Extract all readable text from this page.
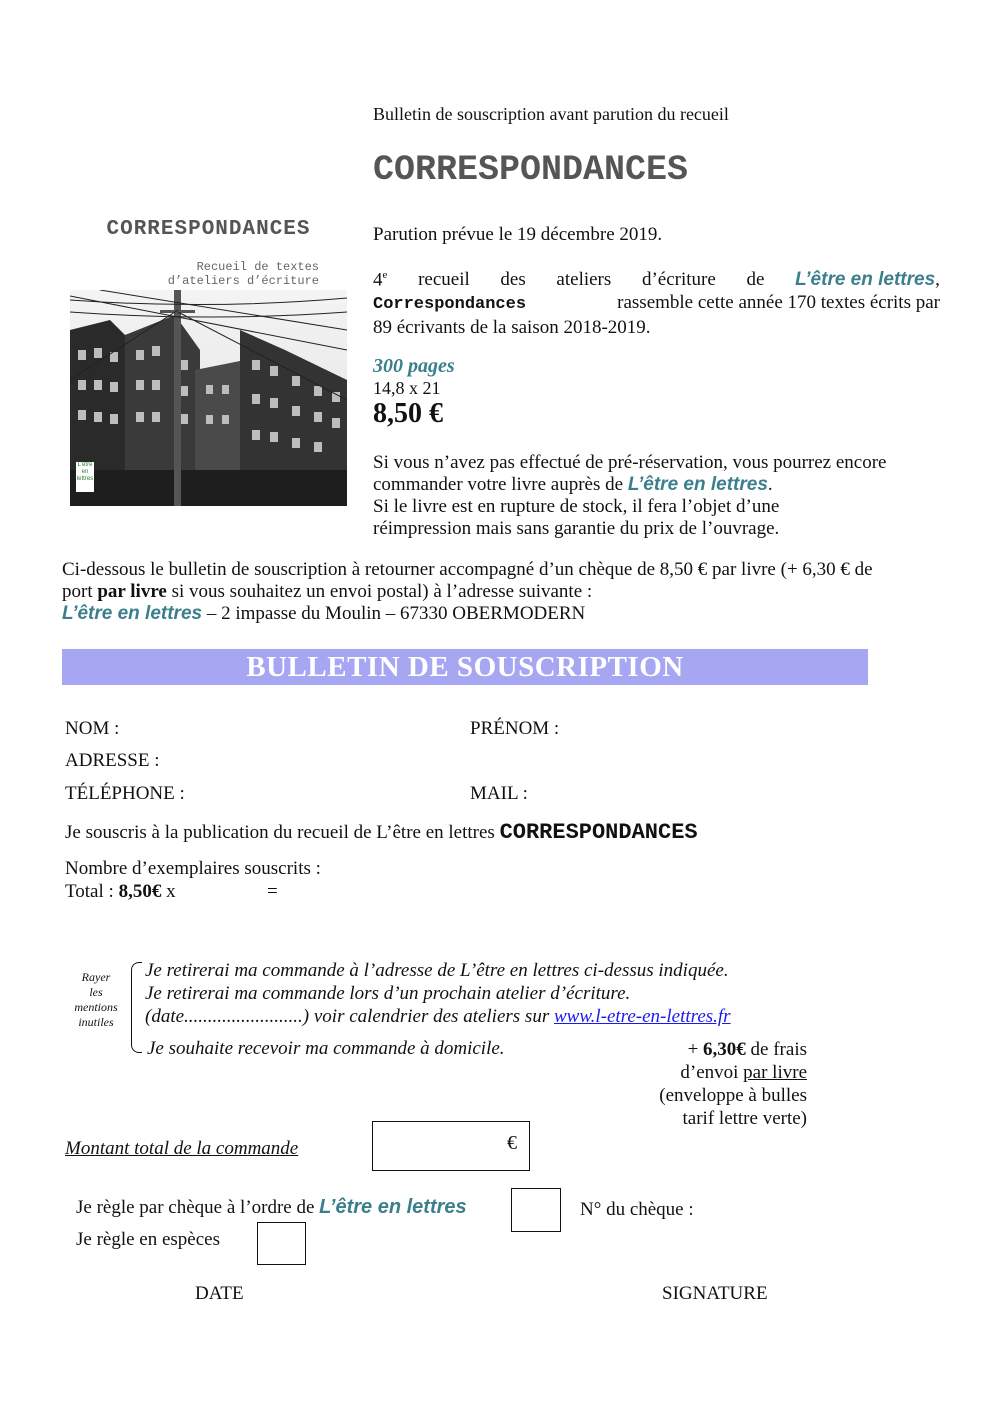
Bulletin de souscription avant parution du recueil
CORRESPONDANCES
CORRESPONDANCES
Recueil de textes
d’ateliers d’écriture
L'être en lettres
Parution prévue le 19 décembre 2019.
4e recueil des ateliers d’écriture de L’être en lettres,
Correspondances	rassemble cette année 170 textes écrits par
89 écrivants de la saison 2018-2019.
300 pages
14,8 x 21
8,50 €
Si vous n’avez pas effectué de pré-réservation, vous pourrez encore
commander votre livre auprès de L’être en lettres.
Si le livre est en rupture de stock, il fera l’objet d’une
réimpression mais sans garantie du prix de l’ouvrage.
Ci-dessous le bulletin de souscription à retourner accompagné d’un chèque de 8,50 € par livre (+ 6,30 € de
port par livre si vous souhaitez un envoi postal) à l’adresse suivante :
L’être en lettres – 2 impasse du Moulin – 67330 OBERMODERN
BULLETIN DE SOUSCRIPTION
NOM :	PRÉNOM :
ADRESSE :
TÉLÉPHONE :	MAIL :
Je souscris à la publication du recueil de L’être en lettres CORRESPONDANCES
Nombre d’exemplaires souscrits :
Total : 8,50€ x	=
Rayer
les
mentions
inutiles
Je retirerai ma commande à l’adresse de L’être en lettres ci-dessus indiquée.
Je retirerai ma commande lors d’un prochain atelier d’écriture.
(date.........................) voir calendrier des ateliers sur www.l-etre-en-lettres.fr
Je souhaite recevoir ma commande à domicile.	+ 6,30€ de frais
d’envoi par livre
(enveloppe à bulles
tarif lettre verte)
Montant total de la commande	€
Je règle par chèque à l’ordre de L’être en lettres	N° du chèque :
Je règle en espèces
DATE	SIGNATURE
